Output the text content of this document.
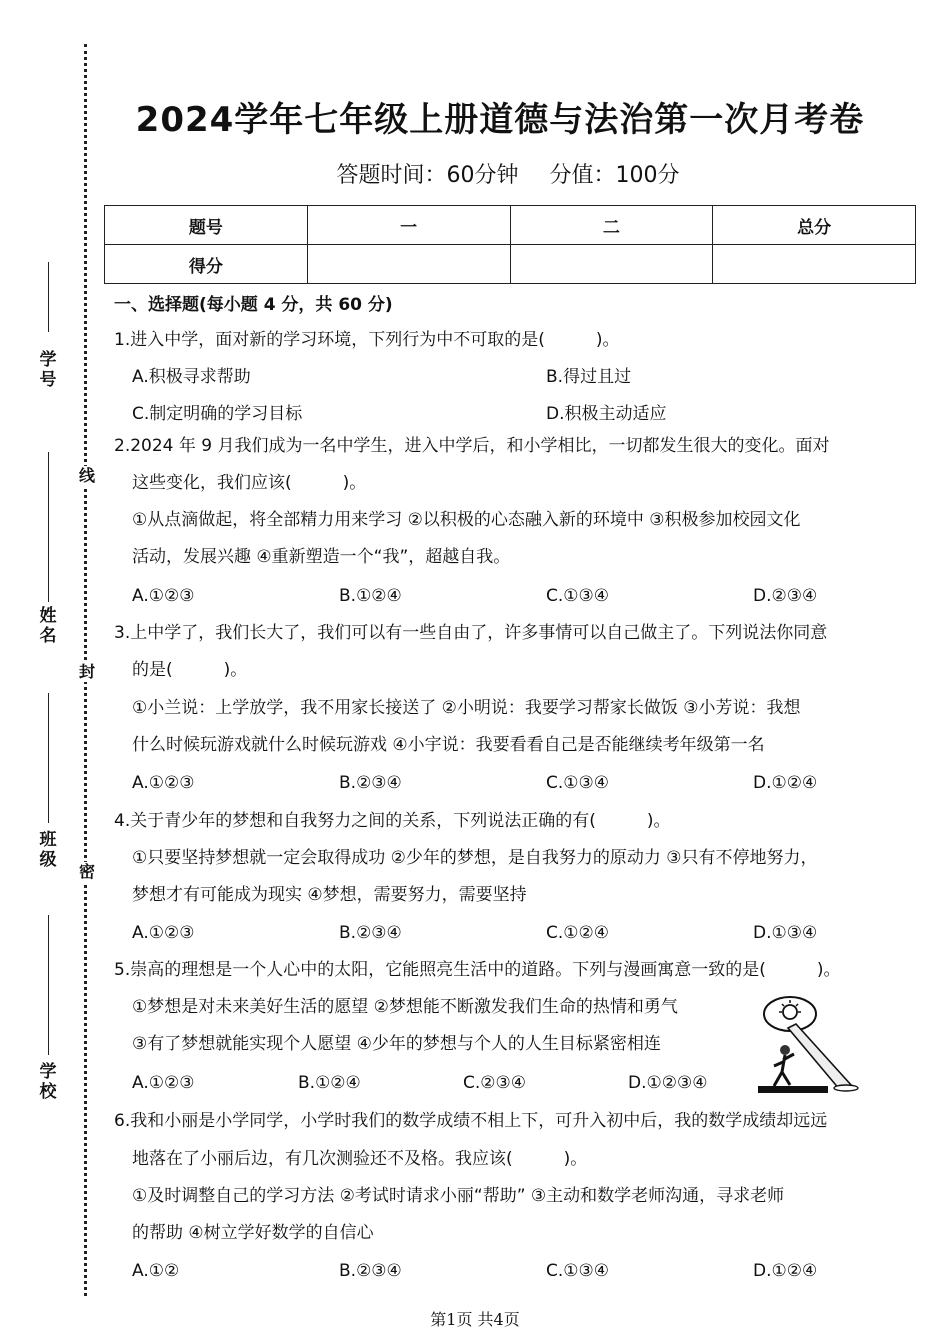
学号
姓名
班级
学校
线
封
密
2024学年七年级上册道德与法治第一次月考卷
答题时间：60分钟 分值：100分
题号	一	二	总分
得分			
一、选择题(每小题 4 分，共 60 分)
1.进入中学，面对新的学习环境，下列行为中不可取的是(　　　)。
A.积极寻求帮助	B.得过且过
C.制定明确的学习目标	D.积极主动适应
2.2024 年 9 月我们成为一名中学生，进入中学后，和小学相比，一切都发生很大的变化。面对
这些变化，我们应该(　　　)。
①从点滴做起，将全部精力用来学习 ②以积极的心态融入新的环境中 ③积极参加校园文化
活动，发展兴趣 ④重新塑造一个“我”，超越自我。
A.①②③	B.①②④	C.①③④	D.②③④
3.上中学了，我们长大了，我们可以有一些自由了，许多事情可以自己做主了。下列说法你同意
的是(　　　)。
①小兰说：上学放学，我不用家长接送了 ②小明说：我要学习帮家长做饭 ③小芳说：我想
什么时候玩游戏就什么时候玩游戏 ④小宇说：我要看看自己是否能继续考年级第一名
A.①②③	B.②③④	C.①③④	D.①②④
4.关于青少年的梦想和自我努力之间的关系，下列说法正确的有(　　　)。
①只要坚持梦想就一定会取得成功 ②少年的梦想，是自我努力的原动力 ③只有不停地努力，
梦想才有可能成为现实 ④梦想，需要努力，需要坚持
A.①②③	B.②③④	C.①②④	D.①③④
5.崇高的理想是一个人心中的太阳，它能照亮生活中的道路。下列与漫画寓意一致的是(　　　)。
①梦想是对未来美好生活的愿望 ②梦想能不断激发我们生命的热情和勇气
③有了梦想就能实现个人愿望 ④少年的梦想与个人的人生目标紧密相连
A.①②③	B.①②④	C.②③④	D.①②③④
6.我和小丽是小学同学，小学时我们的数学成绩不相上下，可升入初中后，我的数学成绩却远远
地落在了小丽后边，有几次测验还不及格。我应该(　　　)。
①及时调整自己的学习方法 ②考试时请求小丽“帮助” ③主动和数学老师沟通，寻求老师
的帮助 ④树立学好数学的自信心
A.①②	B.②③④	C.①③④	D.①②④
第1页 共4页
